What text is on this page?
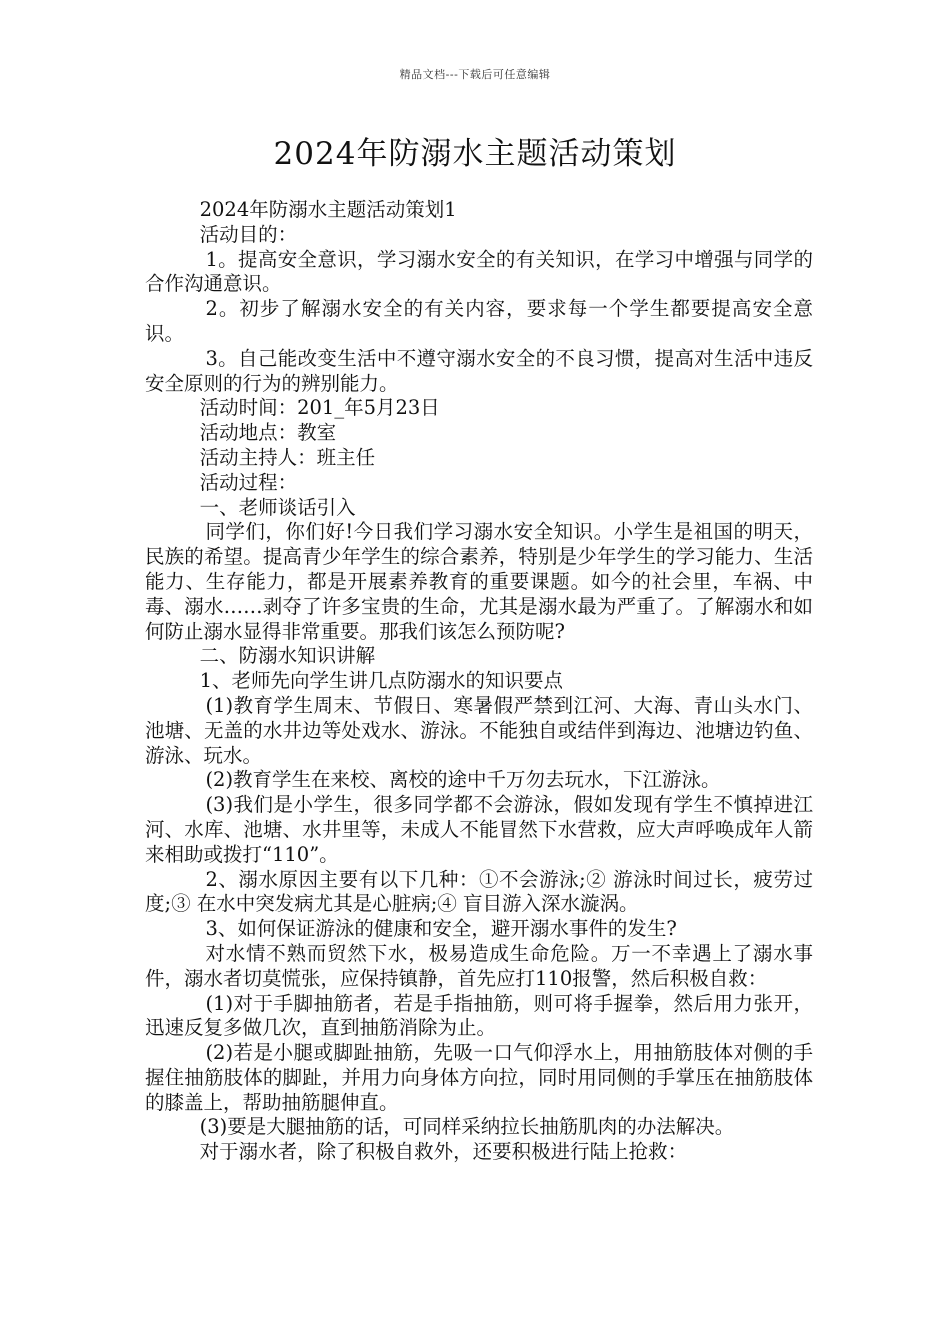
精品文档---下载后可任意编辑
2024年防溺水主题活动策划

2024年防溺水主题活动策划1

活动目的：

1。提高安全意识，学习溺水安全的有关知识，在学习中增强与同学的合作沟通意识。

2。初步了解溺水安全的有关内容，要求每一个学生都要提高安全意识。

3。自己能改变生活中不遵守溺水安全的不良习惯，提高对生活中违反安全原则的行为的辨别能力。

活动时间：201_年5月23日

活动地点：教室

活动主持人：班主任

活动过程：

一、老师谈话引入

同学们，你们好!今日我们学习溺水安全知识。小学生是祖国的明天，民族的希望。提高青少年学生的综合素养，特别是少年学生的学习能力、生活能力、生存能力，都是开展素养教育的重要课题。如今的社会里，车祸、中毒、溺水……剥夺了许多宝贵的生命，尤其是溺水最为严重了。了解溺水和如何防止溺水显得非常重要。那我们该怎么预防呢?

二、防溺水知识讲解

1、老师先向学生讲几点防溺水的知识要点

(1)教育学生周末、节假日、寒暑假严禁到江河、大海、青山头水门、池塘、无盖的水井边等处戏水、游泳。不能独自或结伴到海边、池塘边钓鱼、游泳、玩水。

(2)教育学生在来校、离校的途中千万勿去玩水，下江游泳。

(3)我们是小学生，很多同学都不会游泳，假如发现有学生不慎掉进江河、水库、池塘、水井里等，未成人不能冒然下水营救，应大声呼唤成年人箭来相助或拨打“110”。

2、溺水原因主要有以下几种：①不会游泳;② 游泳时间过长，疲劳过度;③ 在水中突发病尤其是心脏病;④ 盲目游入深水漩涡。

3、如何保证游泳的健康和安全，避开溺水事件的发生?

对水情不熟而贸然下水，极易造成生命危险。万一不幸遇上了溺水事件，溺水者切莫慌张，应保持镇静，首先应打110报警，然后积极自救：

(1)对于手脚抽筋者，若是手指抽筋，则可将手握拳，然后用力张开，迅速反复多做几次，直到抽筋消除为止。

(2)若是小腿或脚趾抽筋，先吸一口气仰浮水上，用抽筋肢体对侧的手握住抽筋肢体的脚趾，并用力向身体方向拉，同时用同侧的手掌压在抽筋肢体的膝盖上，帮助抽筋腿伸直。

(3)要是大腿抽筋的话，可同样采纳拉长抽筋肌肉的办法解决。

对于溺水者，除了积极自救外，还要积极进行陆上抢救：
